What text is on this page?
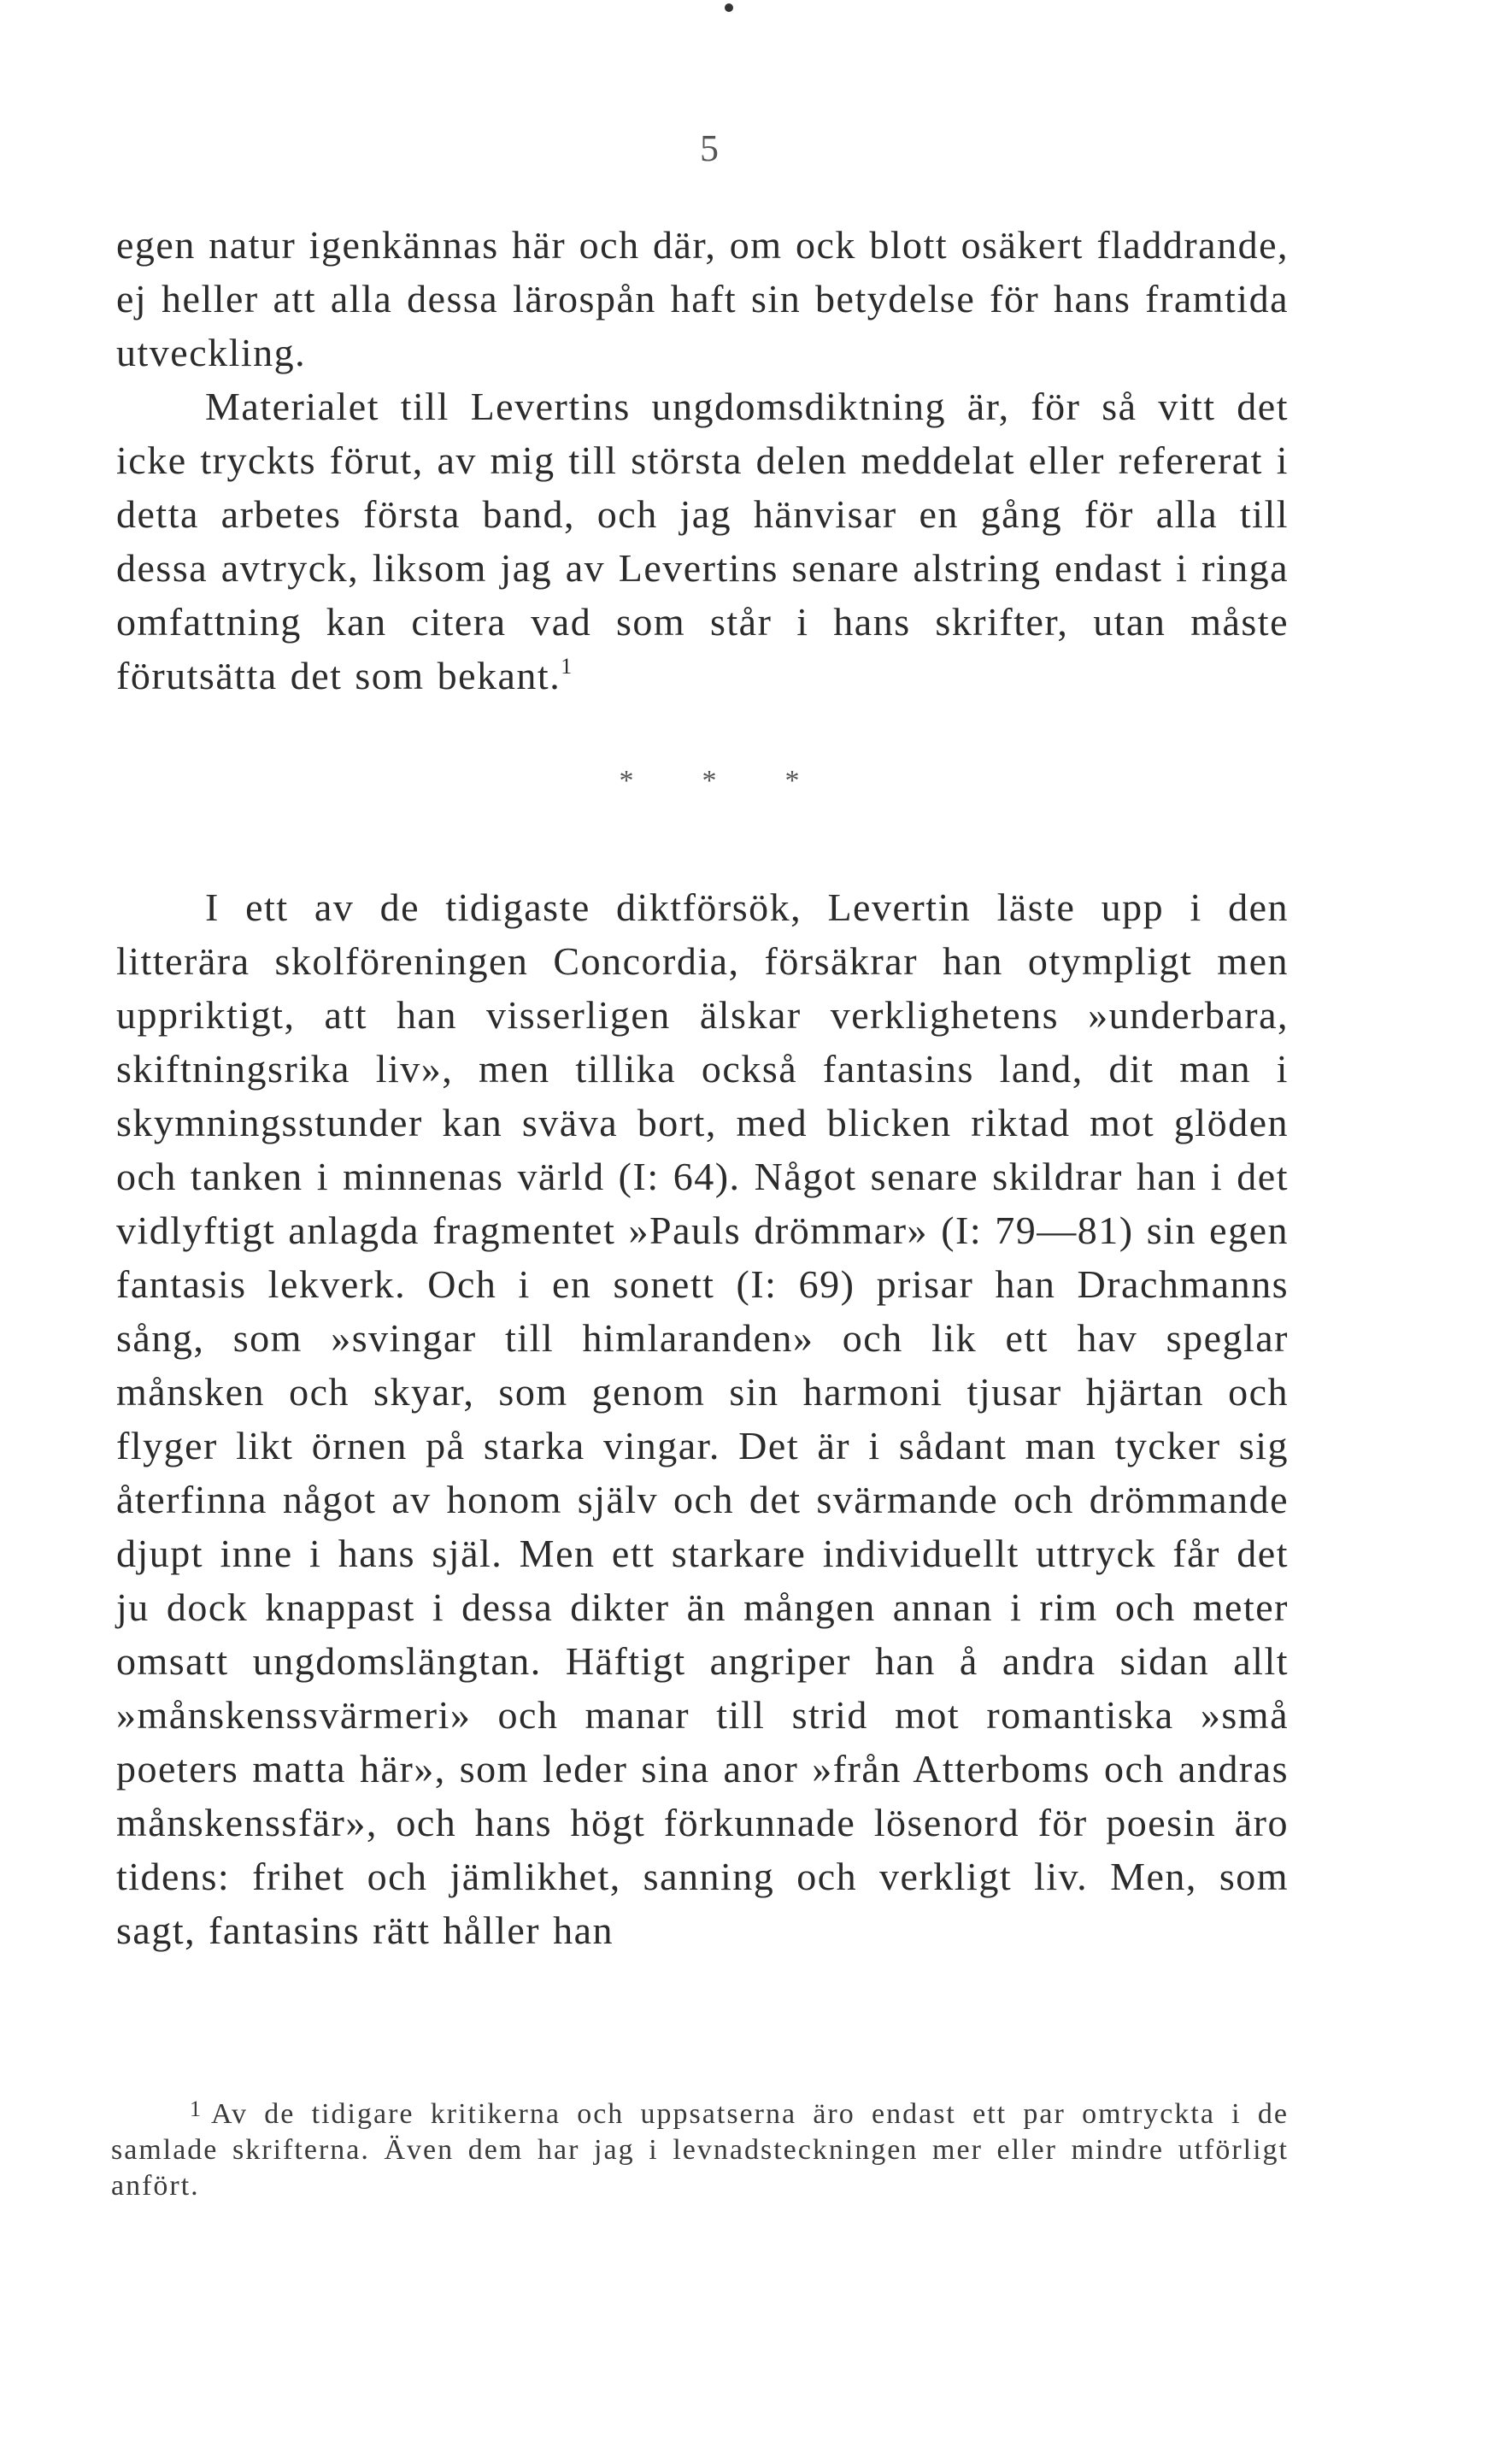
5

egen natur igenkännas här och där, om ock blott osäkert fladdrande, ej heller att alla dessa lärospån haft sin betydelse för hans framtida utveckling.

Materialet till Levertins ungdomsdiktning är, för så vitt det icke tryckts förut, av mig till största delen meddelat eller refererat i detta arbetes första band, och jag hänvisar en gång för alla till dessa avtryck, liksom jag av Levertins senare alstring endast i ringa omfattning kan citera vad som står i hans skrifter, utan måste förutsätta det som bekant.$^1$

* * *

I ett av de tidigaste diktförsök, Levertin läste upp i den litterära skolföreningen Concordia, försäkrar han otympligt men uppriktigt, att han visserligen älskar verklighetens »underbara, skiftningsrika liv», men tillika också fantasins land, dit man i skymningsstunder kan sväva bort, med blicken riktad mot glöden och tanken i minnenas värld (I: 64). Något senare skildrar han i det vidlyftigt anlagda fragmentet »Pauls drömmar» (I: 79—81) sin egen fantasis lekverk. Och i en sonett (I: 69) prisar han Drachmanns sång, som »svingar till himlaranden» och lik ett hav speglar månsken och skyar, som genom sin harmoni tjusar hjärtan och flyger likt örnen på starka vingar. Det är i sådant man tycker sig återfinna något av honom själv och det svärmande och drömmande djupt inne i hans själ. Men ett starkare individuellt uttryck får det ju dock knappast i dessa dikter än mången annan i rim och meter omsatt ungdomslängtan. Häftigt angriper han å andra sidan allt »månskenssvärmeri» och manar till strid mot romantiska »små poeters matta här», som leder sina anor »från Atterboms och andras månskenssfär», och hans högt förkunnade lösenord för poesin äro tidens: frihet och jämlikhet, sanning och verkligt liv. Men, som sagt, fantasins rätt håller han

$^1$ Av de tidigare kritikerna och uppsatserna äro endast ett par omtryckta i de samlade skrifterna. Även dem har jag i levnadsteckningen mer eller mindre utförligt anfört.
